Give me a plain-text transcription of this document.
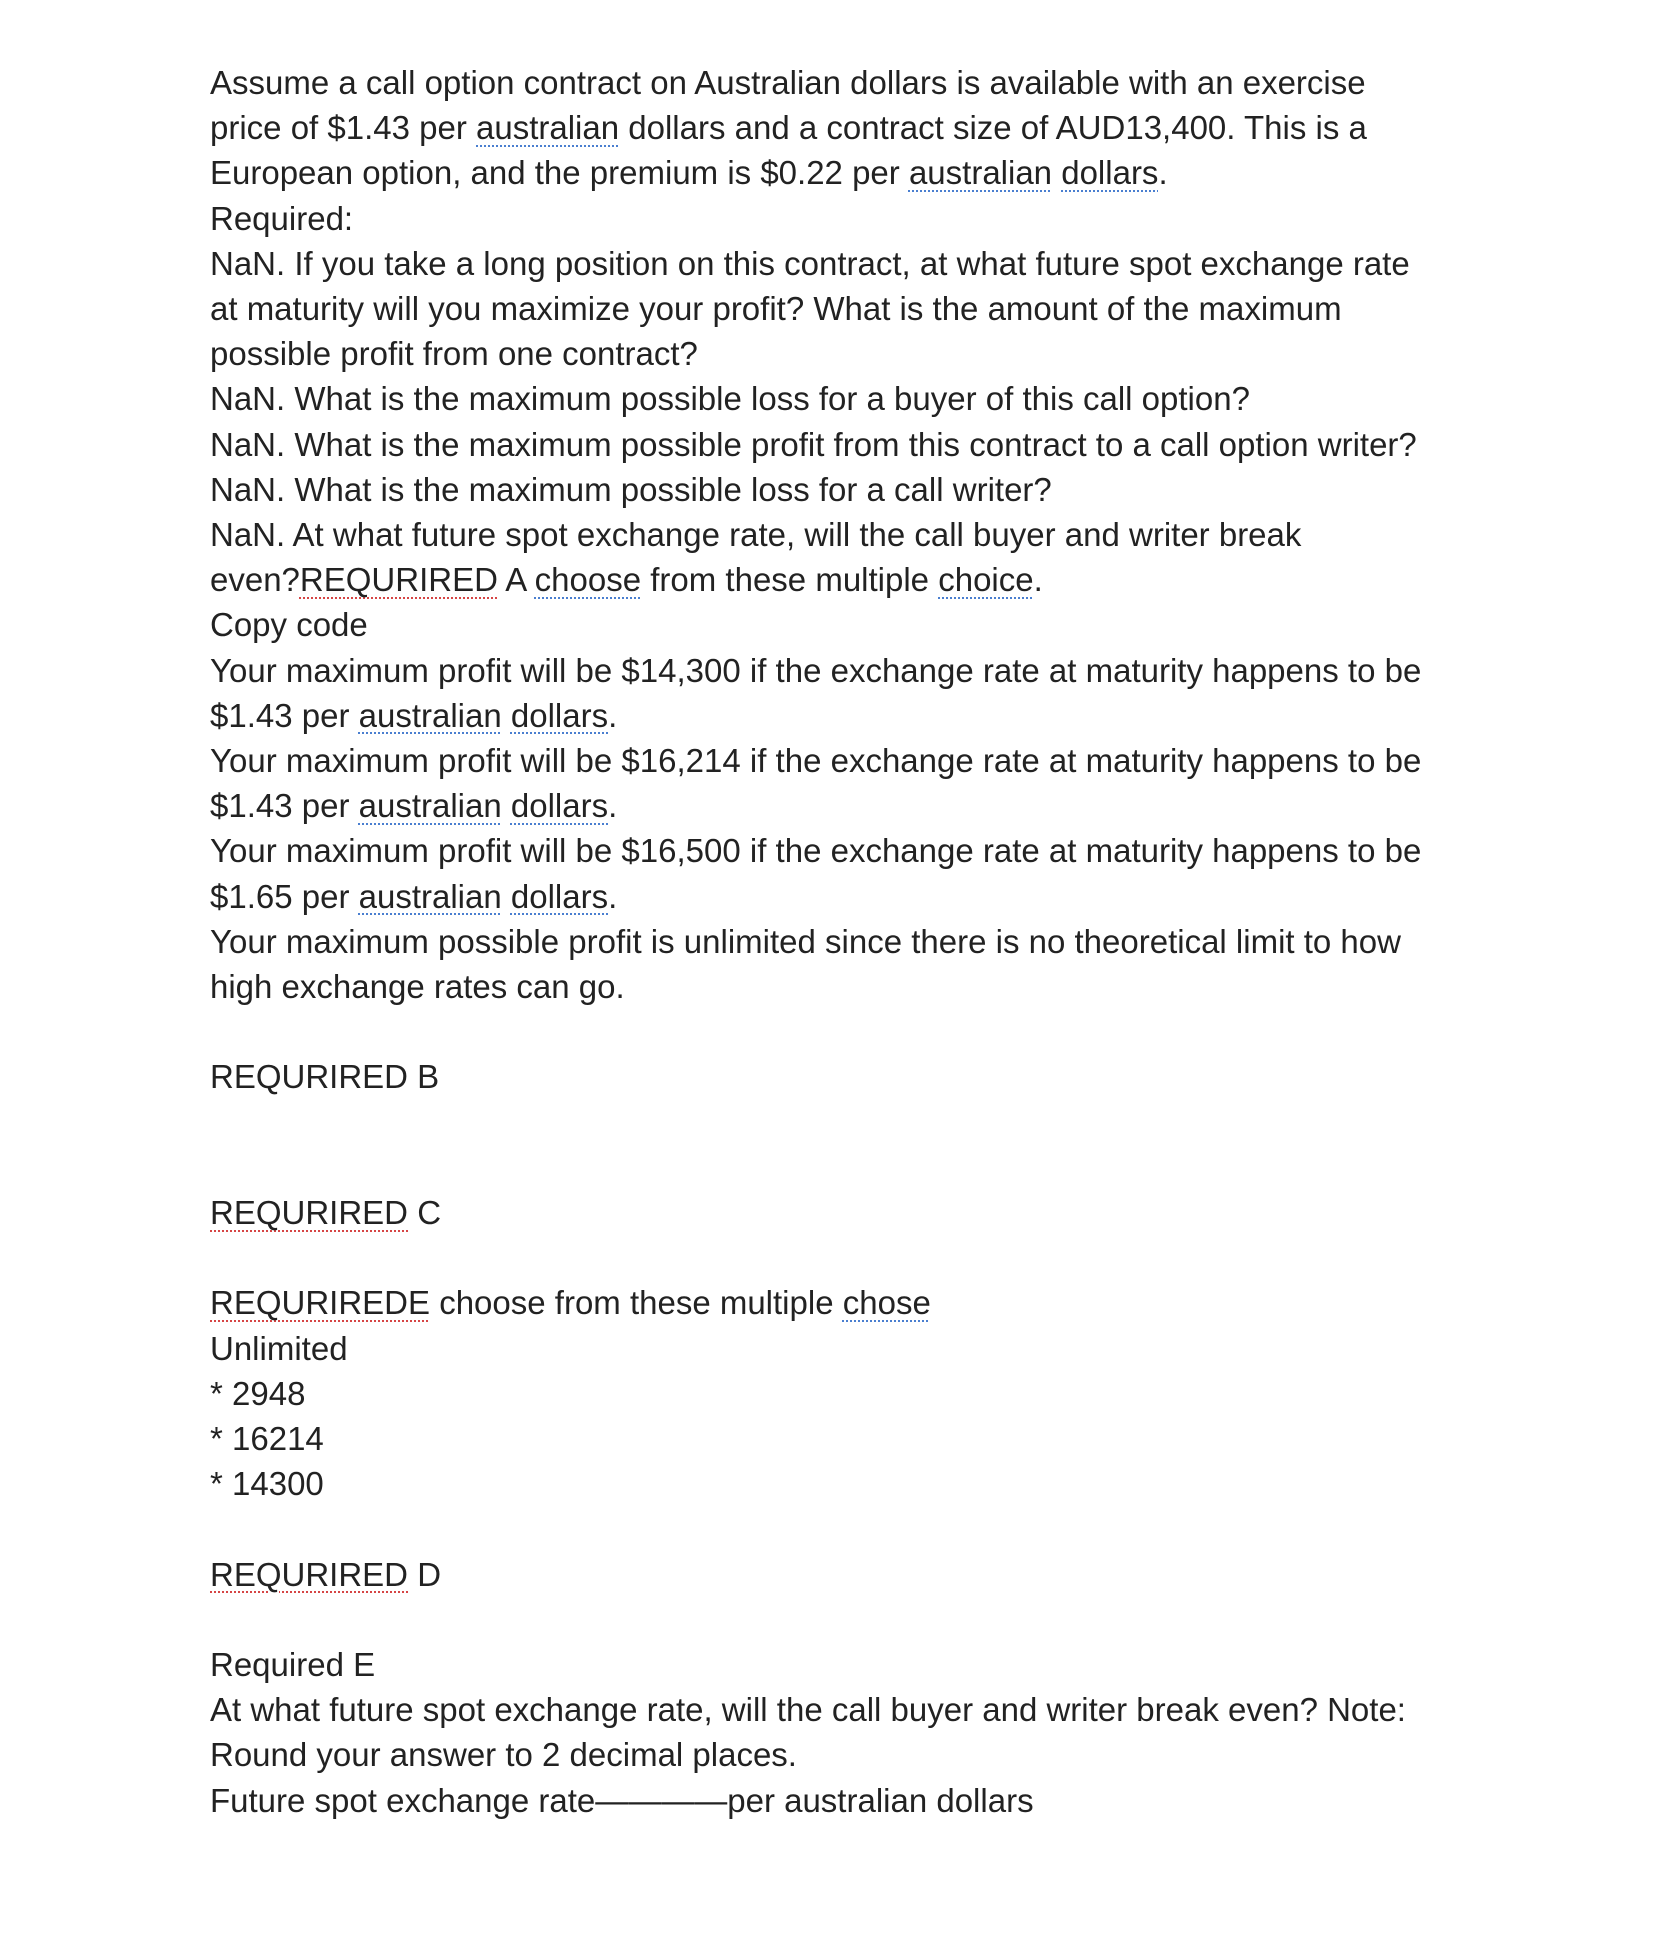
Assume a call option contract on Australian dollars is available with an exercise
price of $1.43 per australian dollars and a contract size of AUD13,400. This is a
European option, and the premium is $0.22 per australian dollars.
Required:
NaN. If you take a long position on this contract, at what future spot exchange rate
at maturity will you maximize your profit? What is the amount of the maximum
possible profit from one contract?
NaN. What is the maximum possible loss for a buyer of this call option?
NaN. What is the maximum possible profit from this contract to a call option writer?
NaN. What is the maximum possible loss for a call writer?
NaN. At what future spot exchange rate, will the call buyer and writer break
even?REQURIRED A choose from these multiple choice.
Copy code
Your maximum profit will be $14,300 if the exchange rate at maturity happens to be
$1.43 per australian dollars.
Your maximum profit will be $16,214 if the exchange rate at maturity happens to be
$1.43 per australian dollars.
Your maximum profit will be $16,500 if the exchange rate at maturity happens to be
$1.65 per australian dollars.
Your maximum possible profit is unlimited since there is no theoretical limit to how
high exchange rates can go.
REQURIRED B
REQURIRED C
REQURIREDE choose from these multiple chose
Unlimited
* 2948
* 16214
* 14300
REQURIRED D
Required E
At what future spot exchange rate, will the call buyer and writer break even? Note:
Round your answer to 2 decimal places.
Future spot exchange rate————per australian dollars
